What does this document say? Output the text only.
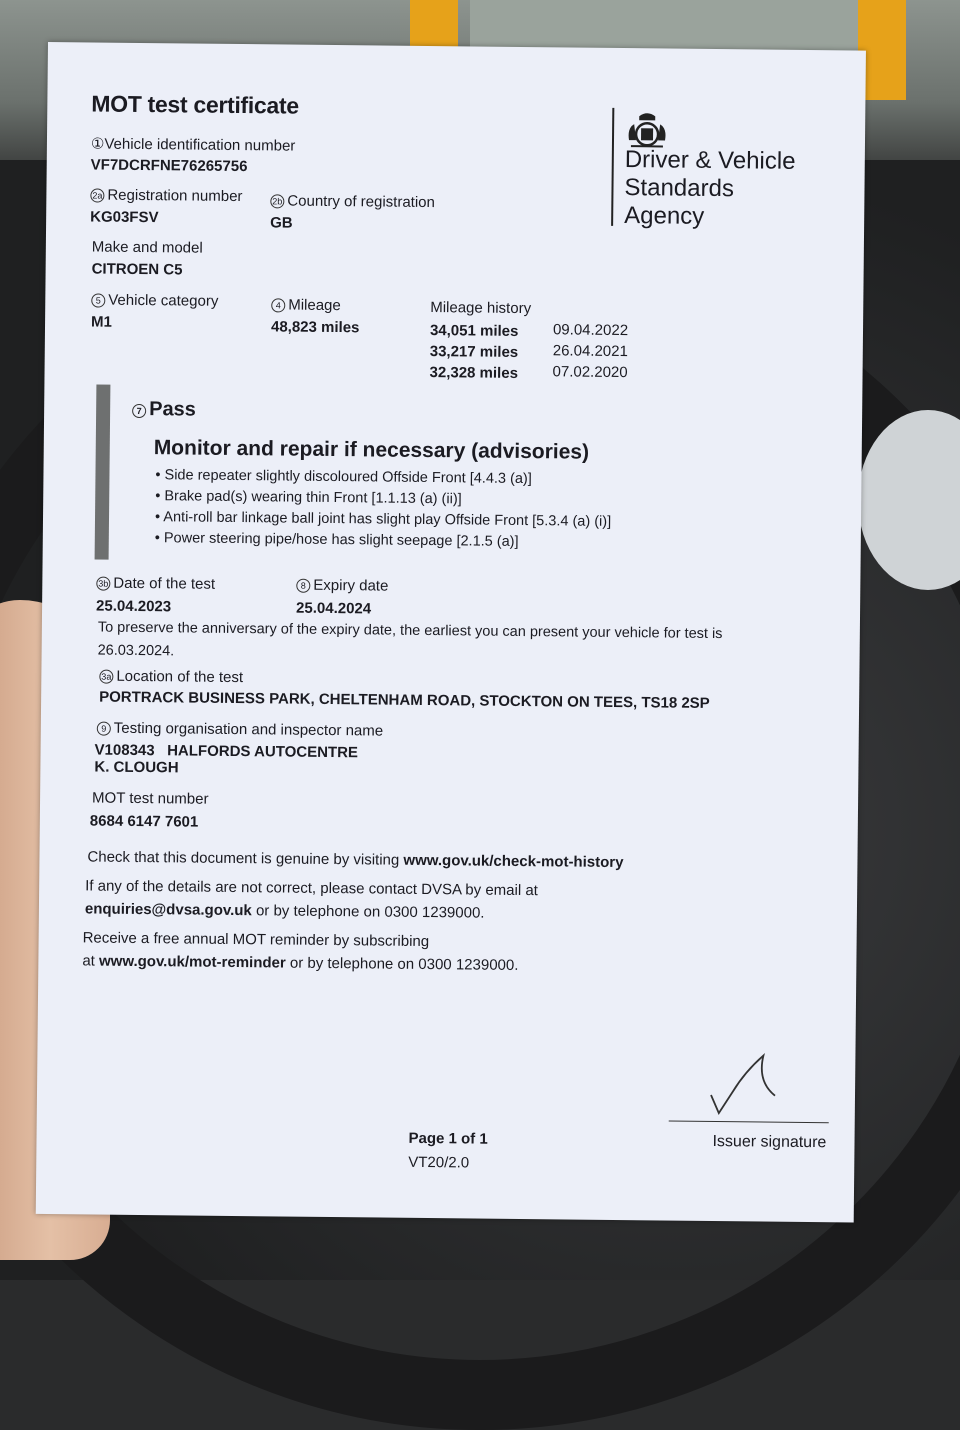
MOT test certificate
①Vehicle identification number
VF7DCRFNE76265756
2a Registration number
KG03FSV
2b Country of registration
GB
Make and model
CITROEN C5
5 Vehicle category
M1
4 Mileage
48,823 miles
Mileage history
34,051 miles 09.04.2022
33,217 miles 26.04.2021
32,328 miles 07.02.2020
Driver & Vehicle
Standards
Agency
7 Pass
Monitor and repair if necessary (advisories)
• Side repeater slightly discoloured Offside Front [4.4.3 (a)]
• Brake pad(s) wearing thin Front [1.1.13 (a) (ii)]
• Anti-roll bar linkage ball joint has slight play Offside Front [5.3.4 (a) (i)]
• Power steering pipe/hose has slight seepage [2.1.5 (a)]
3b Date of the test
25.04.2023
8 Expiry date
25.04.2024
To preserve the anniversary of the expiry date, the earliest you can present your vehicle for test is
26.03.2024.
3a Location of the test
PORTRACK BUSINESS PARK, CHELTENHAM ROAD, STOCKTON ON TEES, TS18 2SP
9 Testing organisation and inspector name
V108343   HALFORDS AUTOCENTRE
K. CLOUGH
MOT test number
8684 6147 7601
Check that this document is genuine by visiting www.gov.uk/check-mot-history
If any of the details are not correct, please contact DVSA by email at
enquiries@dvsa.gov.uk or by telephone on 0300 1239000.
Receive a free annual MOT reminder by subscribing
at www.gov.uk/mot-reminder or by telephone on 0300 1239000.
Issuer signature
Page 1 of 1
VT20/2.0
